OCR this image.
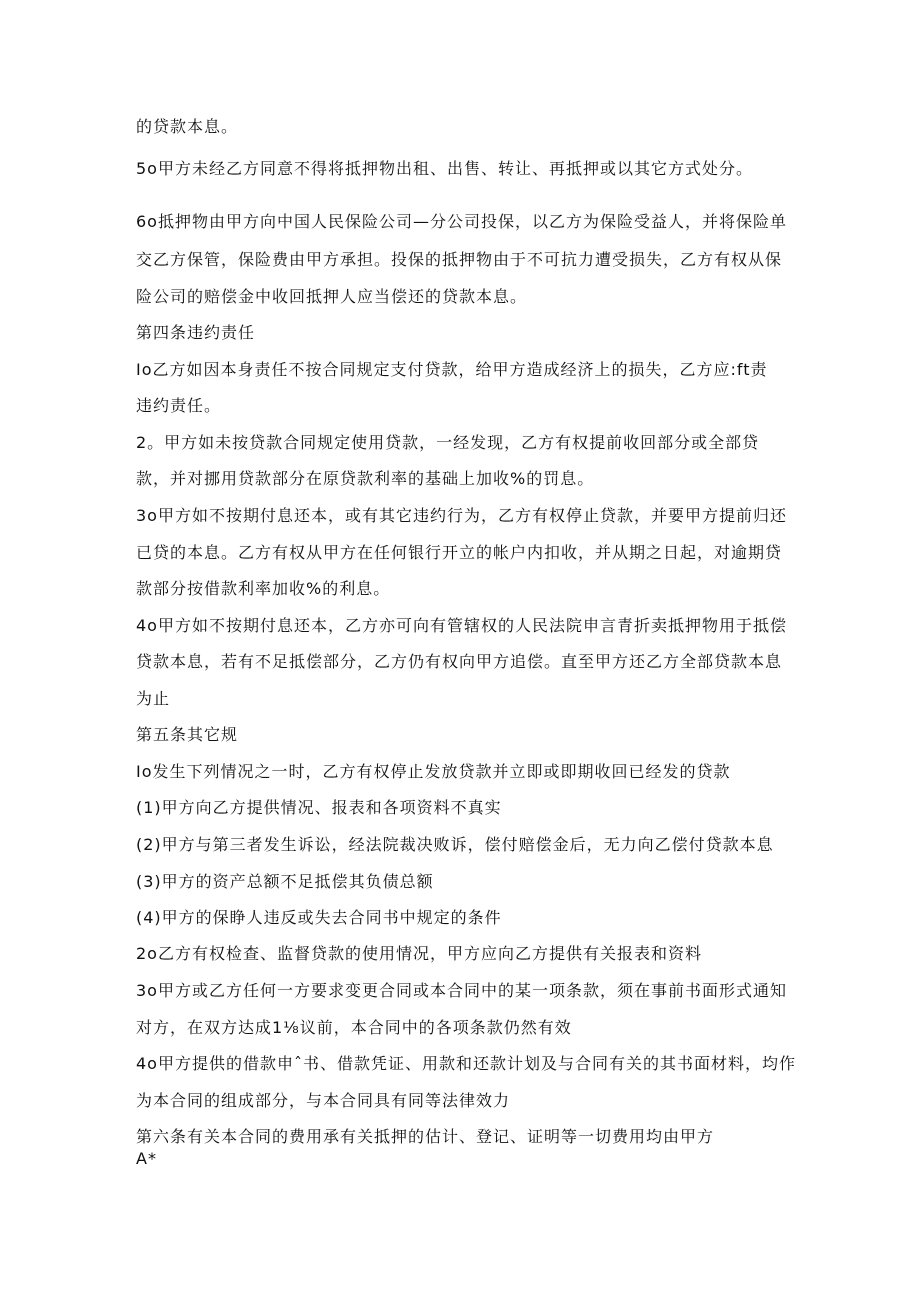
的贷款本息。
5o甲方未经乙方同意不得将抵押物出租、出售、转让、再抵押或以其它方式处分。
6o抵押物由甲方向中国人民保险公司—分公司投保，以乙方为保险受益人，并将保险单
交乙方保管，保险费由甲方承担。投保的抵押物由于不可抗力遭受损失，乙方有权从保
险公司的赔偿金中收回抵押人应当偿还的贷款本息。
第四条违约责任
Io乙方如因本身责任不按合同规定支付贷款，给甲方造成经济上的损失，乙方应:ft责
违约责任。
2。甲方如未按贷款合同规定使用贷款，一经发现，乙方有权提前收回部分或全部贷
款，并对挪用贷款部分在原贷款利率的基础上加收%的罚息。
3o甲方如不按期付息还本，或有其它违约行为，乙方有权停止贷款，并要甲方提前归还
已贷的本息。乙方有权从甲方在任何银行开立的帐户内扣收，并从期之日起，对逾期贷
款部分按借款利率加收%的利息。
4o甲方如不按期付息还本，乙方亦可向有管辖权的人民法院申言青折卖抵押物用于抵偿
贷款本息，若有不足抵偿部分，乙方仍有权向甲方追偿。直至甲方还乙方全部贷款本息
为止
第五条其它规
Io发生下列情况之一时，乙方有权停止发放贷款并立即或即期收回已经发的贷款
(1)甲方向乙方提供情况、报表和各项资料不真实
(2)甲方与第三者发生诉讼，经法院裁决败诉，偿付赔偿金后，无力向乙偿付贷款本息
(3)甲方的资产总额不足抵偿其负债总额
(4)甲方的保睁人违反或失去合同书中规定的条件
2o乙方有权检查、监督贷款的使用情况，甲方应向乙方提供有关报表和资料
3o甲方或乙方任何一方要求变更合同或本合同中的某一项条款，须在事前书面形式通知
对方，在双方达成1⅛议前，本合同中的各项条款仍然有效
4o甲方提供的借款申ˆ书、借款凭证、用款和还款计划及与合同有关的其书面材料，均作
为本合同的组成部分，与本合同具有同等法律效力
第六条有关本合同的费用承有关抵押的估计、登记、证明等一切费用均由甲方
A*
